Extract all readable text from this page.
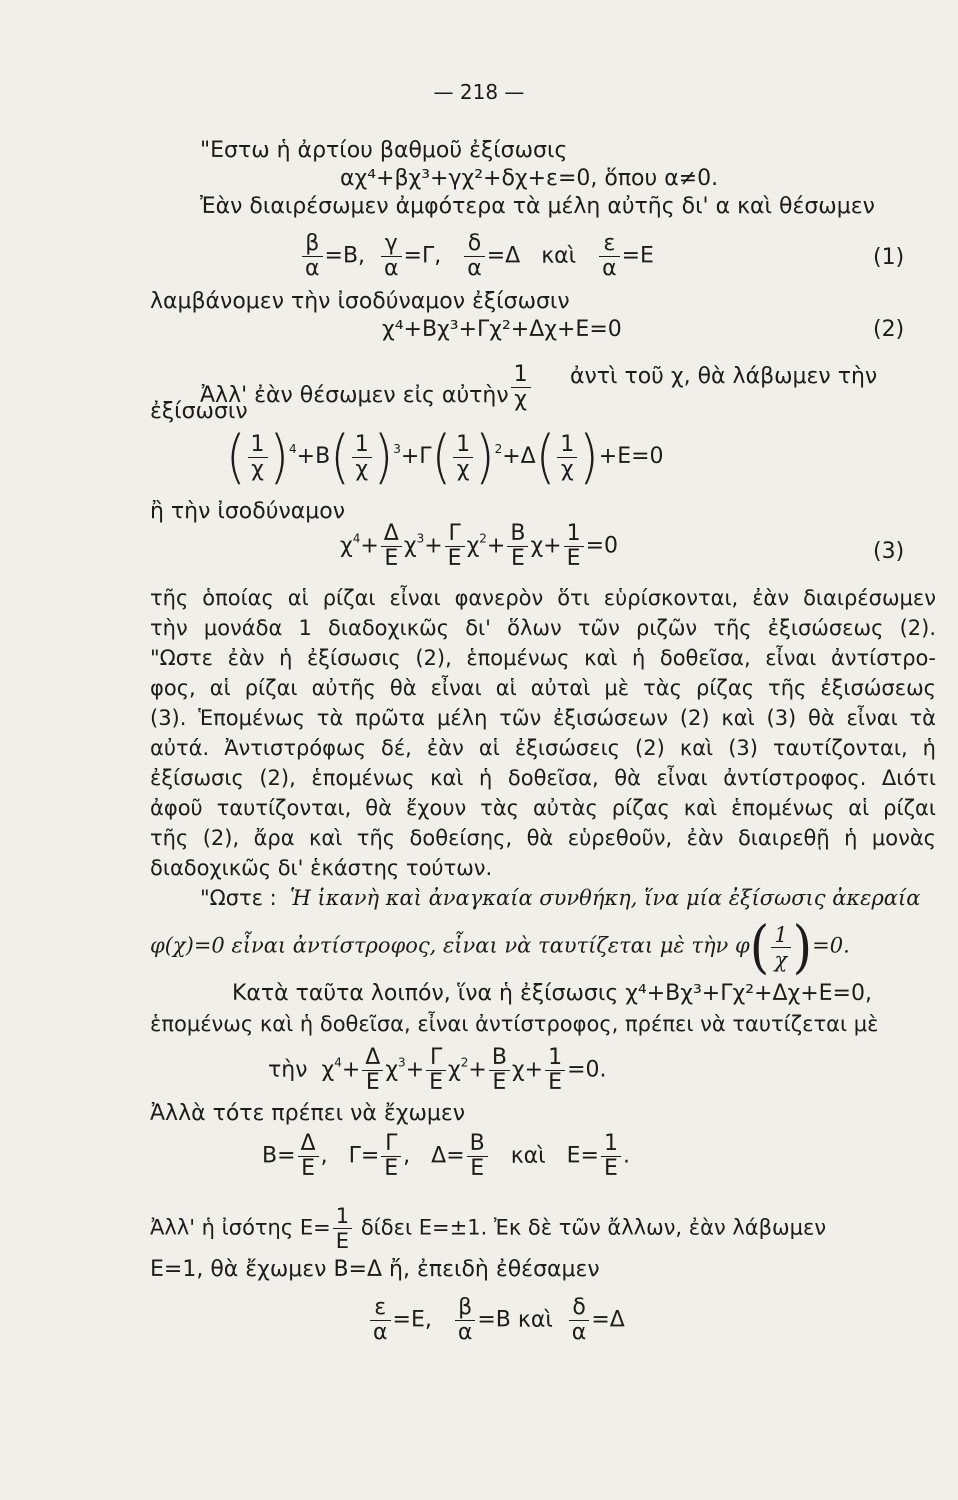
— 218 —
"Εστω ἡ ἀρτίου βαθμοῦ ἐξίσωσις
αχ⁴+βχ³+γχ²+δχ+ε=0, ὅπου α≠0.
Ἐὰν διαιρέσωμεν ἀμφότερα τὰ μέλη αὐτῆς δι' α καὶ θέσωμεν
$\frac{\beta}{\alpha} =B$, $\frac{\gamma}{\alpha} =\Gamma$, $\frac{\delta}{\alpha} =\Delta$   καὶ $\frac{\varepsilon}{\alpha} =E$	(1)
λαμβάνομεν τὴν ἰσοδύναμον ἐξίσωσιν
χ⁴+Βχ³+Γχ²+Δχ+Ε=0	(2)
Ἀλλ' ἐὰν θέσωμεν εἰς αὐτὴν $\frac{1}{\chi}$ ἀντὶ τοῦ χ, θὰ λάβωμεν τὴν
ἐξίσωσιν
( $\frac{1}{\chi} )^4+B( \frac{1}{\chi} )^3+\Gamma( \frac{1}{\chi} )^2+\Delta( \frac{1}{\chi} )+E=0$
ἢ τὴν ἰσοδύναμον
$\chi^4+ \frac{\Delta}{E} \chi^3+ \frac{\Gamma}{E} \chi^2+ \frac{B}{E} \chi+ \frac{1}{E} =0$	(3)
τῆς ὁποίας αἱ ρίζαι εἶναι φανερὸν ὅτι εὑρίσκονται, ἐὰν διαιρέσωμεν
τὴν μονάδα 1 διαδοχικῶς δι' ὅλων τῶν ριζῶν τῆς ἐξισώσεως (2).
"Ωστε ἐὰν ἡ ἐξίσωσις (2), ἑπομένως καὶ ἡ δοθεῖσα, εἶναι ἀντίστρο-
φος, αἱ ρίζαι αὐτῆς θὰ εἶναι αἱ αὐταὶ μὲ τὰς ρίζας τῆς ἐξισώσεως
(3). Ἑπομένως τὰ πρῶτα μέλη τῶν ἐξισώσεων (2) καὶ (3) θὰ εἶναι τὰ
αὐτά. Ἀντιστρόφως δέ, ἐὰν αἱ ἐξισώσεις (2) καὶ (3) ταυτίζονται, ἡ
ἐξίσωσις (2), ἑπομένως καὶ ἡ δοθεῖσα, θὰ εἶναι ἀντίστροφος. Διότι
ἀφοῦ ταυτίζονται, θὰ ἔχουν τὰς αὐτὰς ρίζας καὶ ἑπομένως αἱ ρίζαι
τῆς (2), ἄρα καὶ τῆς δοθείσης, θὰ εὑρεθοῦν, ἐὰν διαιρεθῇ ἡ μονὰς
διαδοχικῶς δι' ἑκάστης τούτων.
"Ωστε : Ἡ ἱκανὴ καὶ ἀναγκαία συνθήκη, ἵνα μία ἐξίσωσις ἀκεραία
φ(χ)=0 εἶναι ἀντίστροφος, εἶναι νὰ ταυτίζεται μὲ τὴν $\varphi( \frac{1}{\chi} )=0$.
Κατὰ ταῦτα λοιπόν, ἵνα ἡ ἐξίσωσις χ⁴+Βχ³+Γχ²+Δχ+Ε=0,
ἑπομένως καὶ ἡ δοθεῖσα, εἶναι ἀντίστροφος, πρέπει νὰ ταυτίζεται μὲ
τὴν  $\chi^4+ \frac{\Delta}{E} \chi^3+ \frac{\Gamma}{E} \chi^2+ \frac{B}{E} \chi+ \frac{1}{E} =0$.
Ἀλλὰ τότε πρέπει νὰ ἔχωμεν
$B= \frac{\Delta}{E}$ ,   $\Gamma= \frac{\Gamma}{E}$ ,   $\Delta= \frac{B}{E}$ καὶ   $E= \frac{1}{E}$ .
Ἀλλ' ἡ ἰσότης $E= \frac{1}{E}$ δίδει Ε=±1. Ἐκ δὲ τῶν ἄλλων, ἐὰν λάβωμεν
Ε=1, θὰ ἔχωμεν Β=Δ ἤ, ἐπειδὴ ἐθέσαμεν
$\frac{\varepsilon}{\alpha} =E$, $\frac{\beta}{\alpha} =B$ καὶ $\frac{\delta}{\alpha} =\Delta$
